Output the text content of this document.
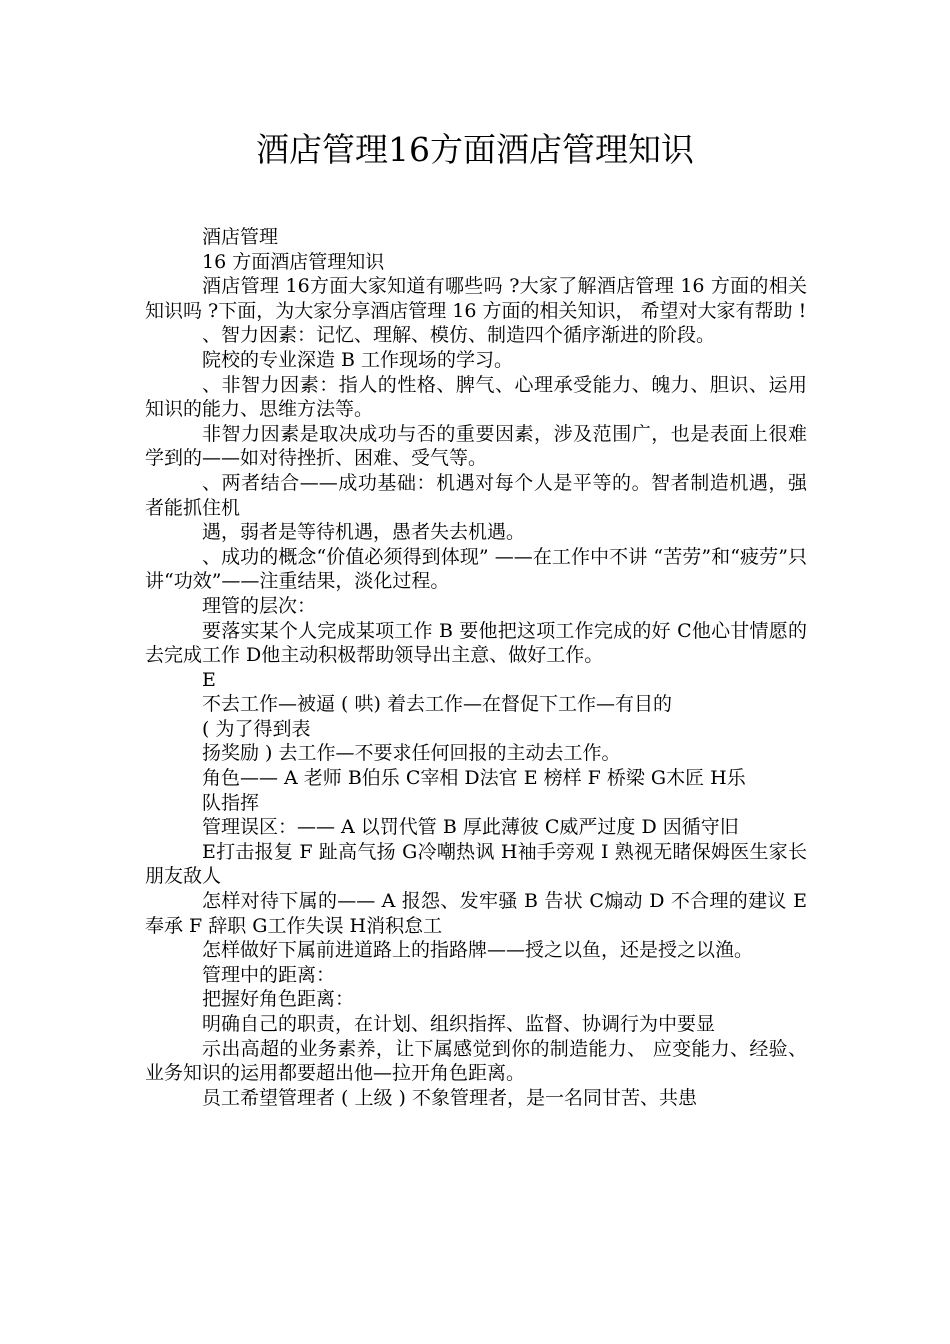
酒店管理16方面酒店管理知识

酒店管理

16 方面酒店管理知识

酒店管理 16方面大家知道有哪些吗 ?大家了解酒店管理 16 方面的相关知识吗 ?下面，为大家分享酒店管理 16 方面的相关知识， 希望对大家有帮助 !

、智力因素：记忆、理解、模仿、制造四个循序渐进的阶段。

院校的专业深造 B 工作现场的学习。

、非智力因素：指人的性格、脾气、心理承受能力、魄力、胆识、运用知识的能力、思维方法等。

非智力因素是取决成功与否的重要因素，涉及范围广，也是表面上很难学到的——如对待挫折、困难、受气等。

、两者结合——成功基础：机遇对每个人是平等的。智者制造机遇，强者能抓住机

遇，弱者是等待机遇，愚者失去机遇。

、成功的概念“价值必须得到体现” ——在工作中不讲 “苦劳”和“疲劳”只讲“功效”——注重结果，淡化过程。

理管的层次：

要落实某个人完成某项工作 B 要他把这项工作完成的好 C他心甘情愿的去完成工作 D他主动积极帮助领导出主意、做好工作。

E

不去工作—被逼 ( 哄) 着去工作—在督促下工作—有目的

( 为了得到表

扬奖励 ) 去工作—不要求任何回报的主动去工作。

角色—— A 老师 B伯乐 C宰相 D法官 E 榜样 F 桥梁 G木匠 H乐

队指挥

管理误区：—— A 以罚代管 B 厚此薄彼 C威严过度 D 因循守旧

E打击报复 F 趾高气扬 G冷嘲热讽 H袖手旁观 I 熟视无睹保姆医生家长朋友敌人

怎样对待下属的—— A 报怨、发牢骚 B 告状 C煽动 D 不合理的建议 E 奉承 F 辞职 G工作失误 H消积怠工

怎样做好下属前进道路上的指路牌——授之以鱼，还是授之以渔。

管理中的距离：

把握好角色距离：

明确自己的职责，在计划、组织指挥、监督、协调行为中要显

示出高超的业务素养，让下属感觉到你的制造能力、 应变能力、经验、业务知识的运用都要超出他—拉开角色距离。

员工希望管理者 ( 上级 ) 不象管理者，是一名同甘苦、共患
